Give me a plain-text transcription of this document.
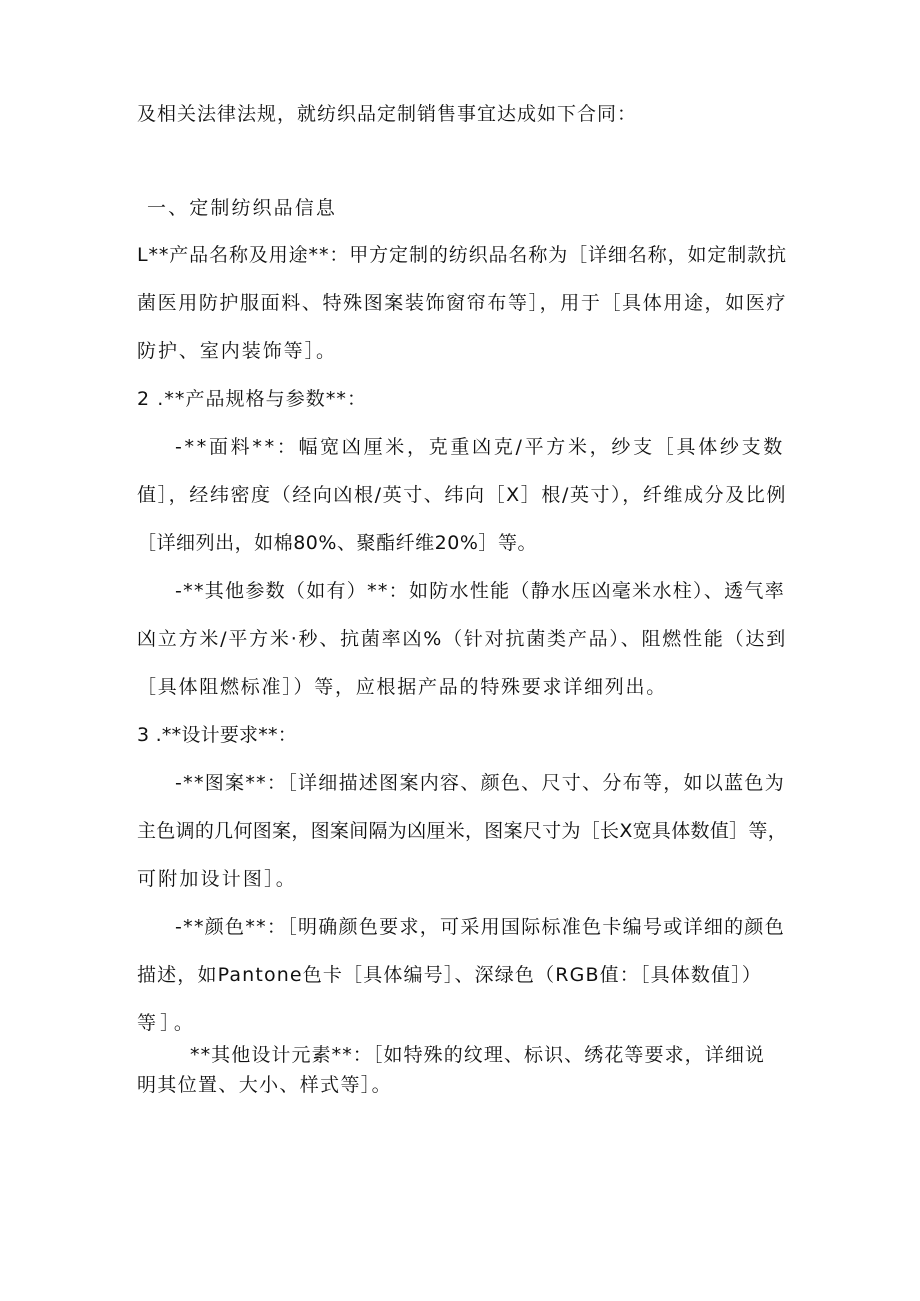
及相关法律法规，就纺织品定制销售事宜达成如下合同：
一、定制纺织品信息
L**产品名称及用途**：甲方定制的纺织品名称为［详细名称，如定制款抗
菌医用防护服面料、特殊图案装饰窗帘布等］，用于［具体用途，如医疗
防护、室内装饰等］。
2 .**产品规格与参数**：
-**面料**：幅宽凶厘米，克重凶克/平方米，纱支［具体纱支数
值］，经纬密度（经向凶根/英寸、纬向［X］根/英寸），纤维成分及比例
［详细列出，如棉80%、聚酯纤维20%］等。
-**其他参数（如有）**：如防水性能（静水压凶毫米水柱）、透气率
凶立方米/平方米·秒、抗菌率凶%（针对抗菌类产品）、阻燃性能（达到
［具体阻燃标准］）等，应根据产品的特殊要求详细列出。
3 .**设计要求**：
-**图案**：［详细描述图案内容、颜色、尺寸、分布等，如以蓝色为
主色调的几何图案，图案间隔为凶厘米，图案尺寸为［长X宽具体数值］等，
可附加设计图］。
-**颜色**：［明确颜色要求，可采用国际标准色卡编号或详细的颜色
描述，如Pantone色卡［具体编号］、深绿色（RGB值：［具体数值］）
等］。
**其他设计元素**：［如特殊的纹理、标识、绣花等要求，详细说
明其位置、大小、样式等］。
